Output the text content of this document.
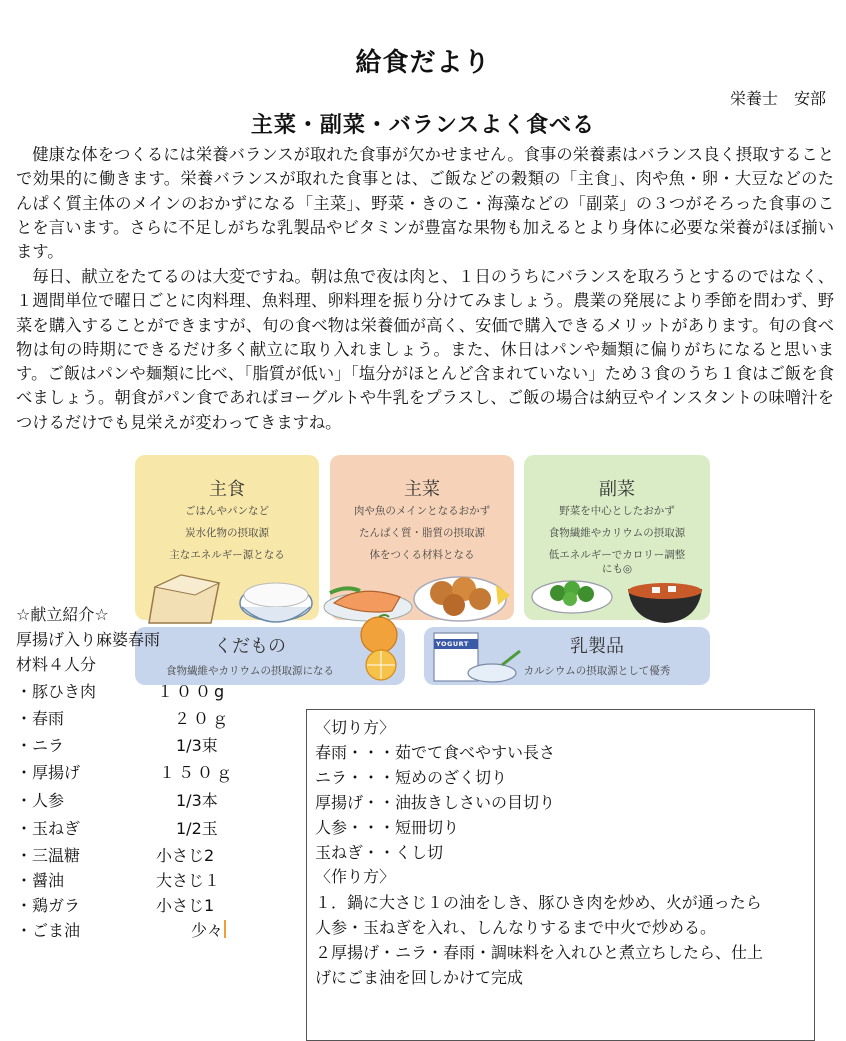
給食だより
栄養士　安部
主菜・副菜・バランスよく食べる
健康な体をつくるには栄養バランスが取れた食事が欠かせません。食事の栄養素はバランス良く摂取することで効果的に働きます。栄養バランスが取れた食事とは、ご飯などの穀類の「主食」、肉や魚・卵・大豆などのたんぱく質主体のメインのおかずになる「主菜」、野菜・きのこ・海藻などの「副菜」の３つがそろった食事のことを言います。さらに不足しがちな乳製品やビタミンが豊富な果物も加えるとより身体に必要な栄養がほぼ揃います。
毎日、献立をたてるのは大変ですね。朝は魚で夜は肉と、１日のうちにバランスを取ろうとするのではなく、１週間単位で曜日ごとに肉料理、魚料理、卵料理を振り分けてみましょう。農業の発展により季節を問わず、野菜を購入することができますが、旬の食べ物は栄養価が高く、安価で購入できるメリットがあります。旬の食べ物は旬の時期にできるだけ多く献立に取り入れましょう。また、休日はパンや麺類に偏りがちになると思います。ご飯はパンや麺類に比べ、「脂質が低い」「塩分がほとんど含まれていない」ため３食のうち１食はご飯を食べましょう。朝食がパン食であればヨーグルトや牛乳をプラスし、ご飯の場合は納豆やインスタントの味噌汁をつけるだけでも見栄えが変わってきますね。
主食
ごはんやパンなど
炭水化物の摂取源
主なエネルギー源となる
主菜
肉や魚のメインとなるおかず
たんぱく質・脂質の摂取源
体をつくる材料となる
副菜
野菜を中心としたおかず
食物繊維やカリウムの摂取源
低エネルギーでカロリー調整
にも◎
くだもの
食物繊維やカリウムの摂取源になる
乳製品
カルシウムの摂取源として優秀
YOGURT
☆献立紹介☆
厚揚げ入り麻婆春雨
材料４人分
・豚ひき肉	１００g
・春雨	２０ｇ
・ニラ	1/3束
・厚揚げ	１５０ｇ
・人参	1/3本
・玉ねぎ	1/2玉
・三温糖	小さじ2
・醤油	大さじ１
・鶏ガラ	小さじ1
・ごま油	少々
〈切り方〉
春雨・・・茹でて食べやすい長さ
ニラ・・・短めのざく切り
厚揚げ・・油抜きしさいの目切り
人参・・・短冊切り
玉ねぎ・・くし切
〈作り方〉
１．鍋に大さじ１の油をしき、豚ひき肉を炒め、火が通ったら
人参・玉ねぎを入れ、しんなりするまで中火で炒める。
２厚揚げ・ニラ・春雨・調味料を入れひと煮立ちしたら、仕上
げにごま油を回しかけて完成
